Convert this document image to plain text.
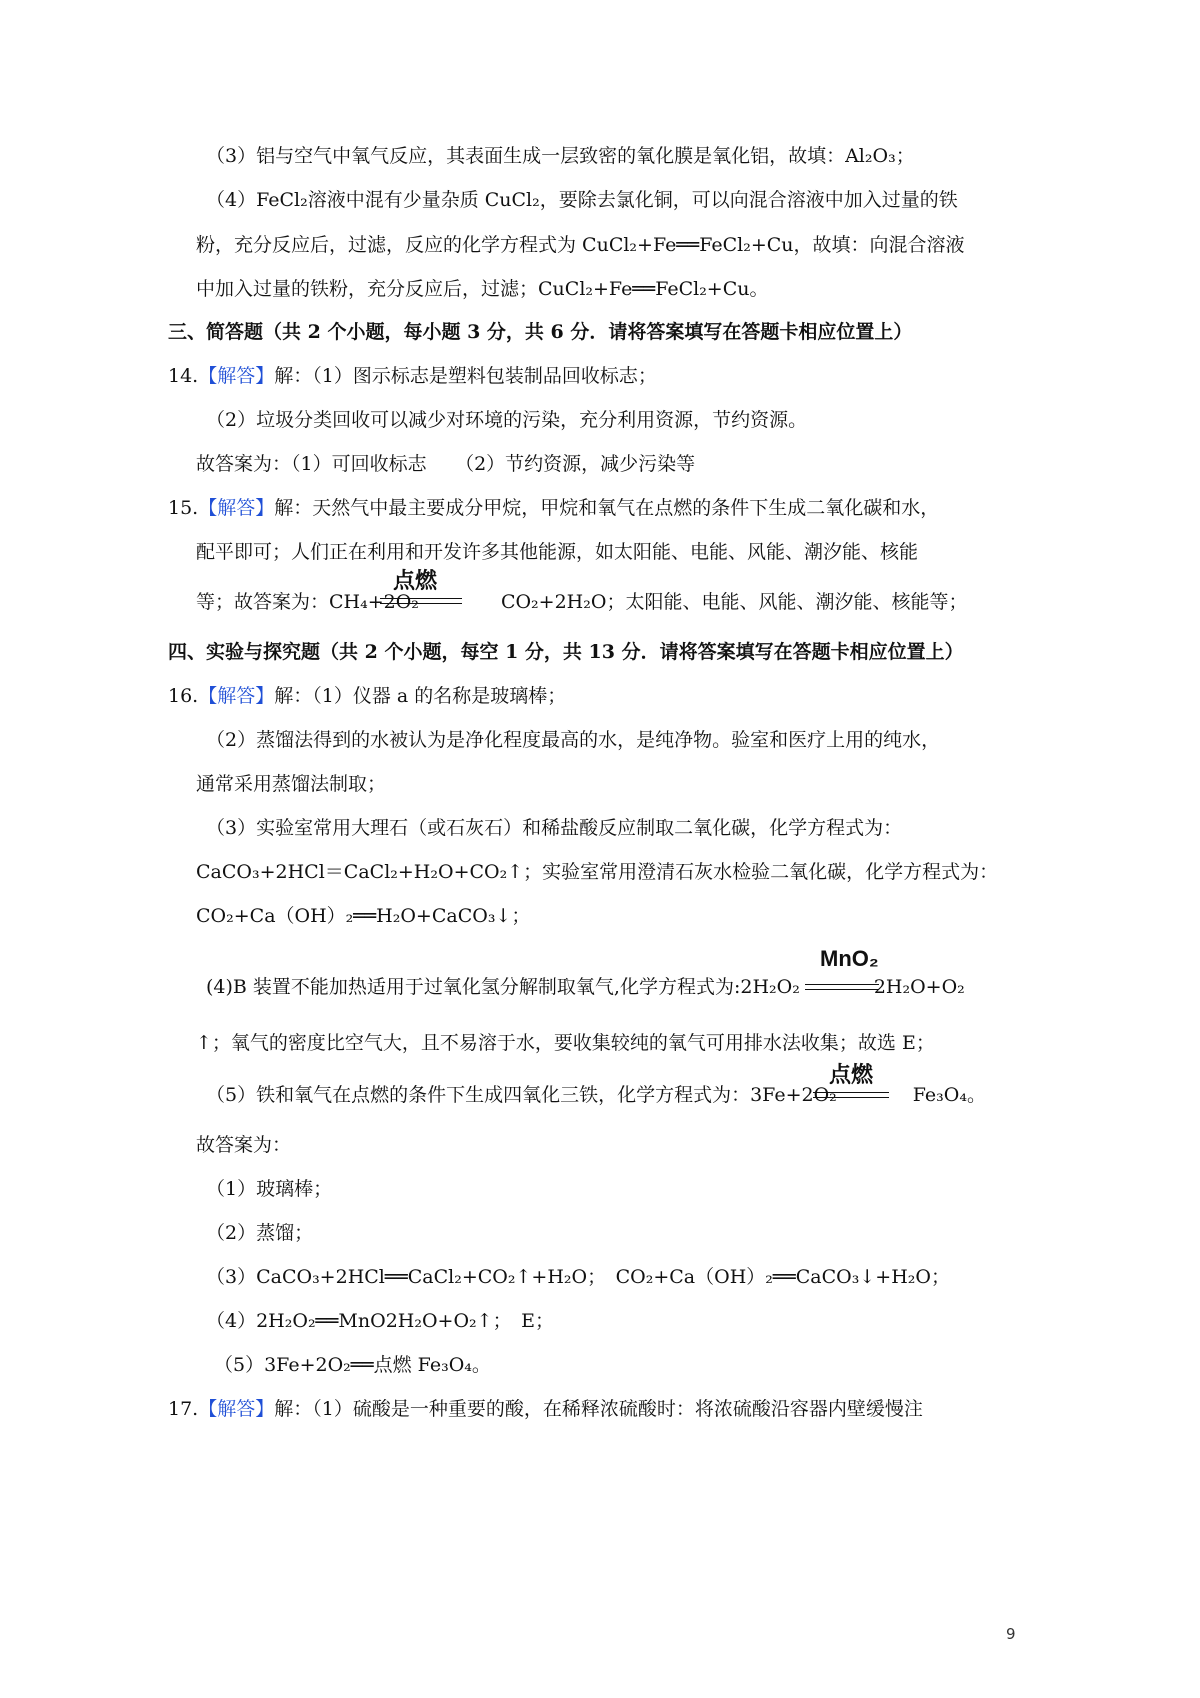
（3）铝与空气中氧气反应，其表面生成一层致密的氧化膜是氧化铝，故填：Al₂O₃；
（4）FeCl₂溶液中混有少量杂质 CuCl₂，要除去氯化铜，可以向混合溶液中加入过量的铁
粉，充分反应后，过滤，反应的化学方程式为 CuCl₂+Fe══FeCl₂+Cu，故填：向混合溶液
中加入过量的铁粉，充分反应后，过滤；CuCl₂+Fe══FeCl₂+Cu。
三、简答题（共 2 个小题，每小题 3 分，共 6 分．请将答案填写在答题卡相应位置上）
14.【解答】解：（1）图示标志是塑料包装制品回收标志；
（2）垃圾分类回收可以减少对环境的污染，充分利用资源，节约资源。
故答案为：（1）可回收标志　　（2）节约资源，减少污染等
15.【解答】解：天然气中最主要成分甲烷，甲烷和氧气在点燃的条件下生成二氧化碳和水，
配平即可；人们正在利用和开发许多其他能源，如太阳能、电能、风能、潮汐能、核能
等；故答案为：CH₄+2O₂	CO₂+2H₂O；太阳能、电能、风能、潮汐能、核能等；
点燃
四、实验与探究题（共 2 个小题，每空 1 分，共 13 分．请将答案填写在答题卡相应位置上）
16.【解答】解：（1）仪器 a 的名称是玻璃棒；
（2）蒸馏法得到的水被认为是净化程度最高的水，是纯净物。验室和医疗上用的纯水，
通常采用蒸馏法制取；
（3）实验室常用大理石（或石灰石）和稀盐酸反应制取二氧化碳，化学方程式为：
CaCO₃+2HCl＝CaCl₂+H₂O+CO₂↑；实验室常用澄清石灰水检验二氧化碳，化学方程式为：
CO₂+Ca（OH）₂══H₂O+CaCO₃↓；
(4)B 装置不能加热适用于过氧化氢分解制取氧气,化学方程式为:2H₂O₂	2H₂O+O₂
MnO₂
↑；氧气的密度比空气大，且不易溶于水，要收集较纯的氧气可用排水法收集；故选 E；
（5）铁和氧气在点燃的条件下生成四氧化三铁，化学方程式为：3Fe+2O₂	Fe₃O₄。
点燃
故答案为：
（1）玻璃棒；
（2）蒸馏；
（3）CaCO₃+2HCl══CaCl₂+CO₂↑+H₂O；　CO₂+Ca（OH）₂══CaCO₃↓+H₂O；
（4）2H₂O₂══MnO2H₂O+O₂↑；　E；
（5）3Fe+2O₂══点燃 Fe₃O₄。
17.【解答】解：（1）硫酸是一种重要的酸，在稀释浓硫酸时：将浓硫酸沿容器内壁缓慢注
9
